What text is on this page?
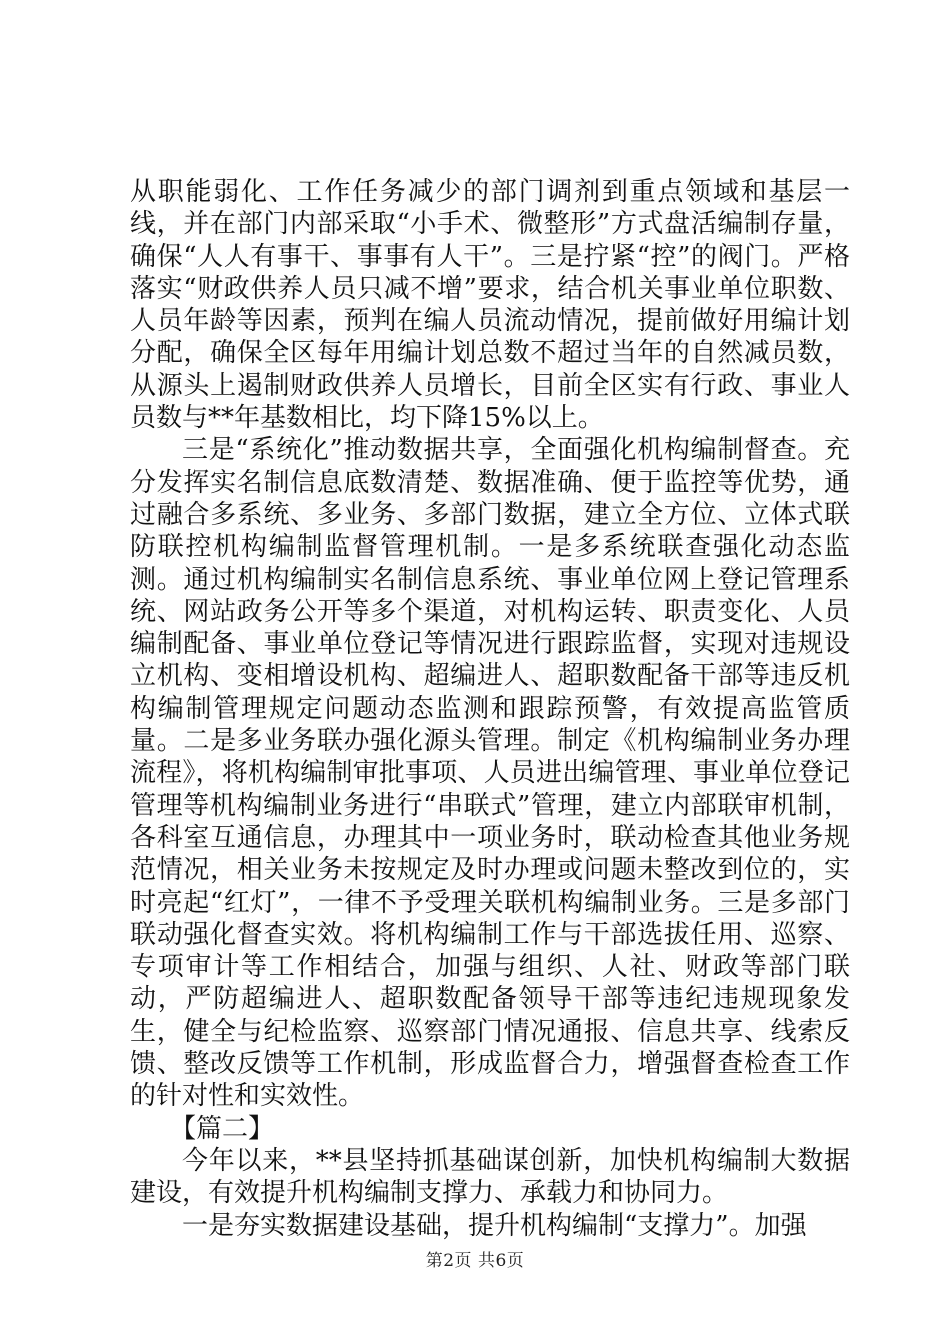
从职能弱化、工作任务减少的部门调剂到重点领域和基层一线，并在部门内部采取“小手术、微整形”方式盘活编制存量，确保“人人有事干、事事有人干”。三是拧紧“控”的阀门。严格落实“财政供养人员只减不增”要求，结合机关事业单位职数、人员年龄等因素，预判在编人员流动情况，提前做好用编计划分配，确保全区每年用编计划总数不超过当年的自然减员数，从源头上遏制财政供养人员增长，目前全区实有行政、事业人员数与**年基数相比，均下降15%以上。

三是“系统化”推动数据共享，全面强化机构编制督查。充分发挥实名制信息底数清楚、数据准确、便于监控等优势，通过融合多系统、多业务、多部门数据，建立全方位、立体式联防联控机构编制监督管理机制。一是多系统联查强化动态监测。通过机构编制实名制信息系统、事业单位网上登记管理系统、网站政务公开等多个渠道，对机构运转、职责变化、人员编制配备、事业单位登记等情况进行跟踪监督，实现对违规设立机构、变相增设机构、超编进人、超职数配备干部等违反机构编制管理规定问题动态监测和跟踪预警，有效提高监管质量。二是多业务联办强化源头管理。制定《机构编制业务办理流程》，将机构编制审批事项、人员进出编管理、事业单位登记管理等机构编制业务进行“串联式”管理，建立内部联审机制，各科室互通信息，办理其中一项业务时，联动检查其他业务规范情况，相关业务未按规定及时办理或问题未整改到位的，实时亮起“红灯”，一律不予受理关联机构编制业务。三是多部门联动强化督查实效。将机构编制工作与干部选拔任用、巡察、专项审计等工作相结合，加强与组织、人社、财政等部门联动，严防超编进人、超职数配备领导干部等违纪违规现象发生，健全与纪检监察、巡察部门情况通报、信息共享、线索反馈、整改反馈等工作机制，形成监督合力，增强督查检查工作的针对性和实效性。

【篇二】

今年以来，**县坚持抓基础谋创新，加快机构编制大数据建设，有效提升机构编制支撑力、承载力和协同力。

一是夯实数据建设基础，提升机构编制“支撑力”。加强

第2页 共6页
